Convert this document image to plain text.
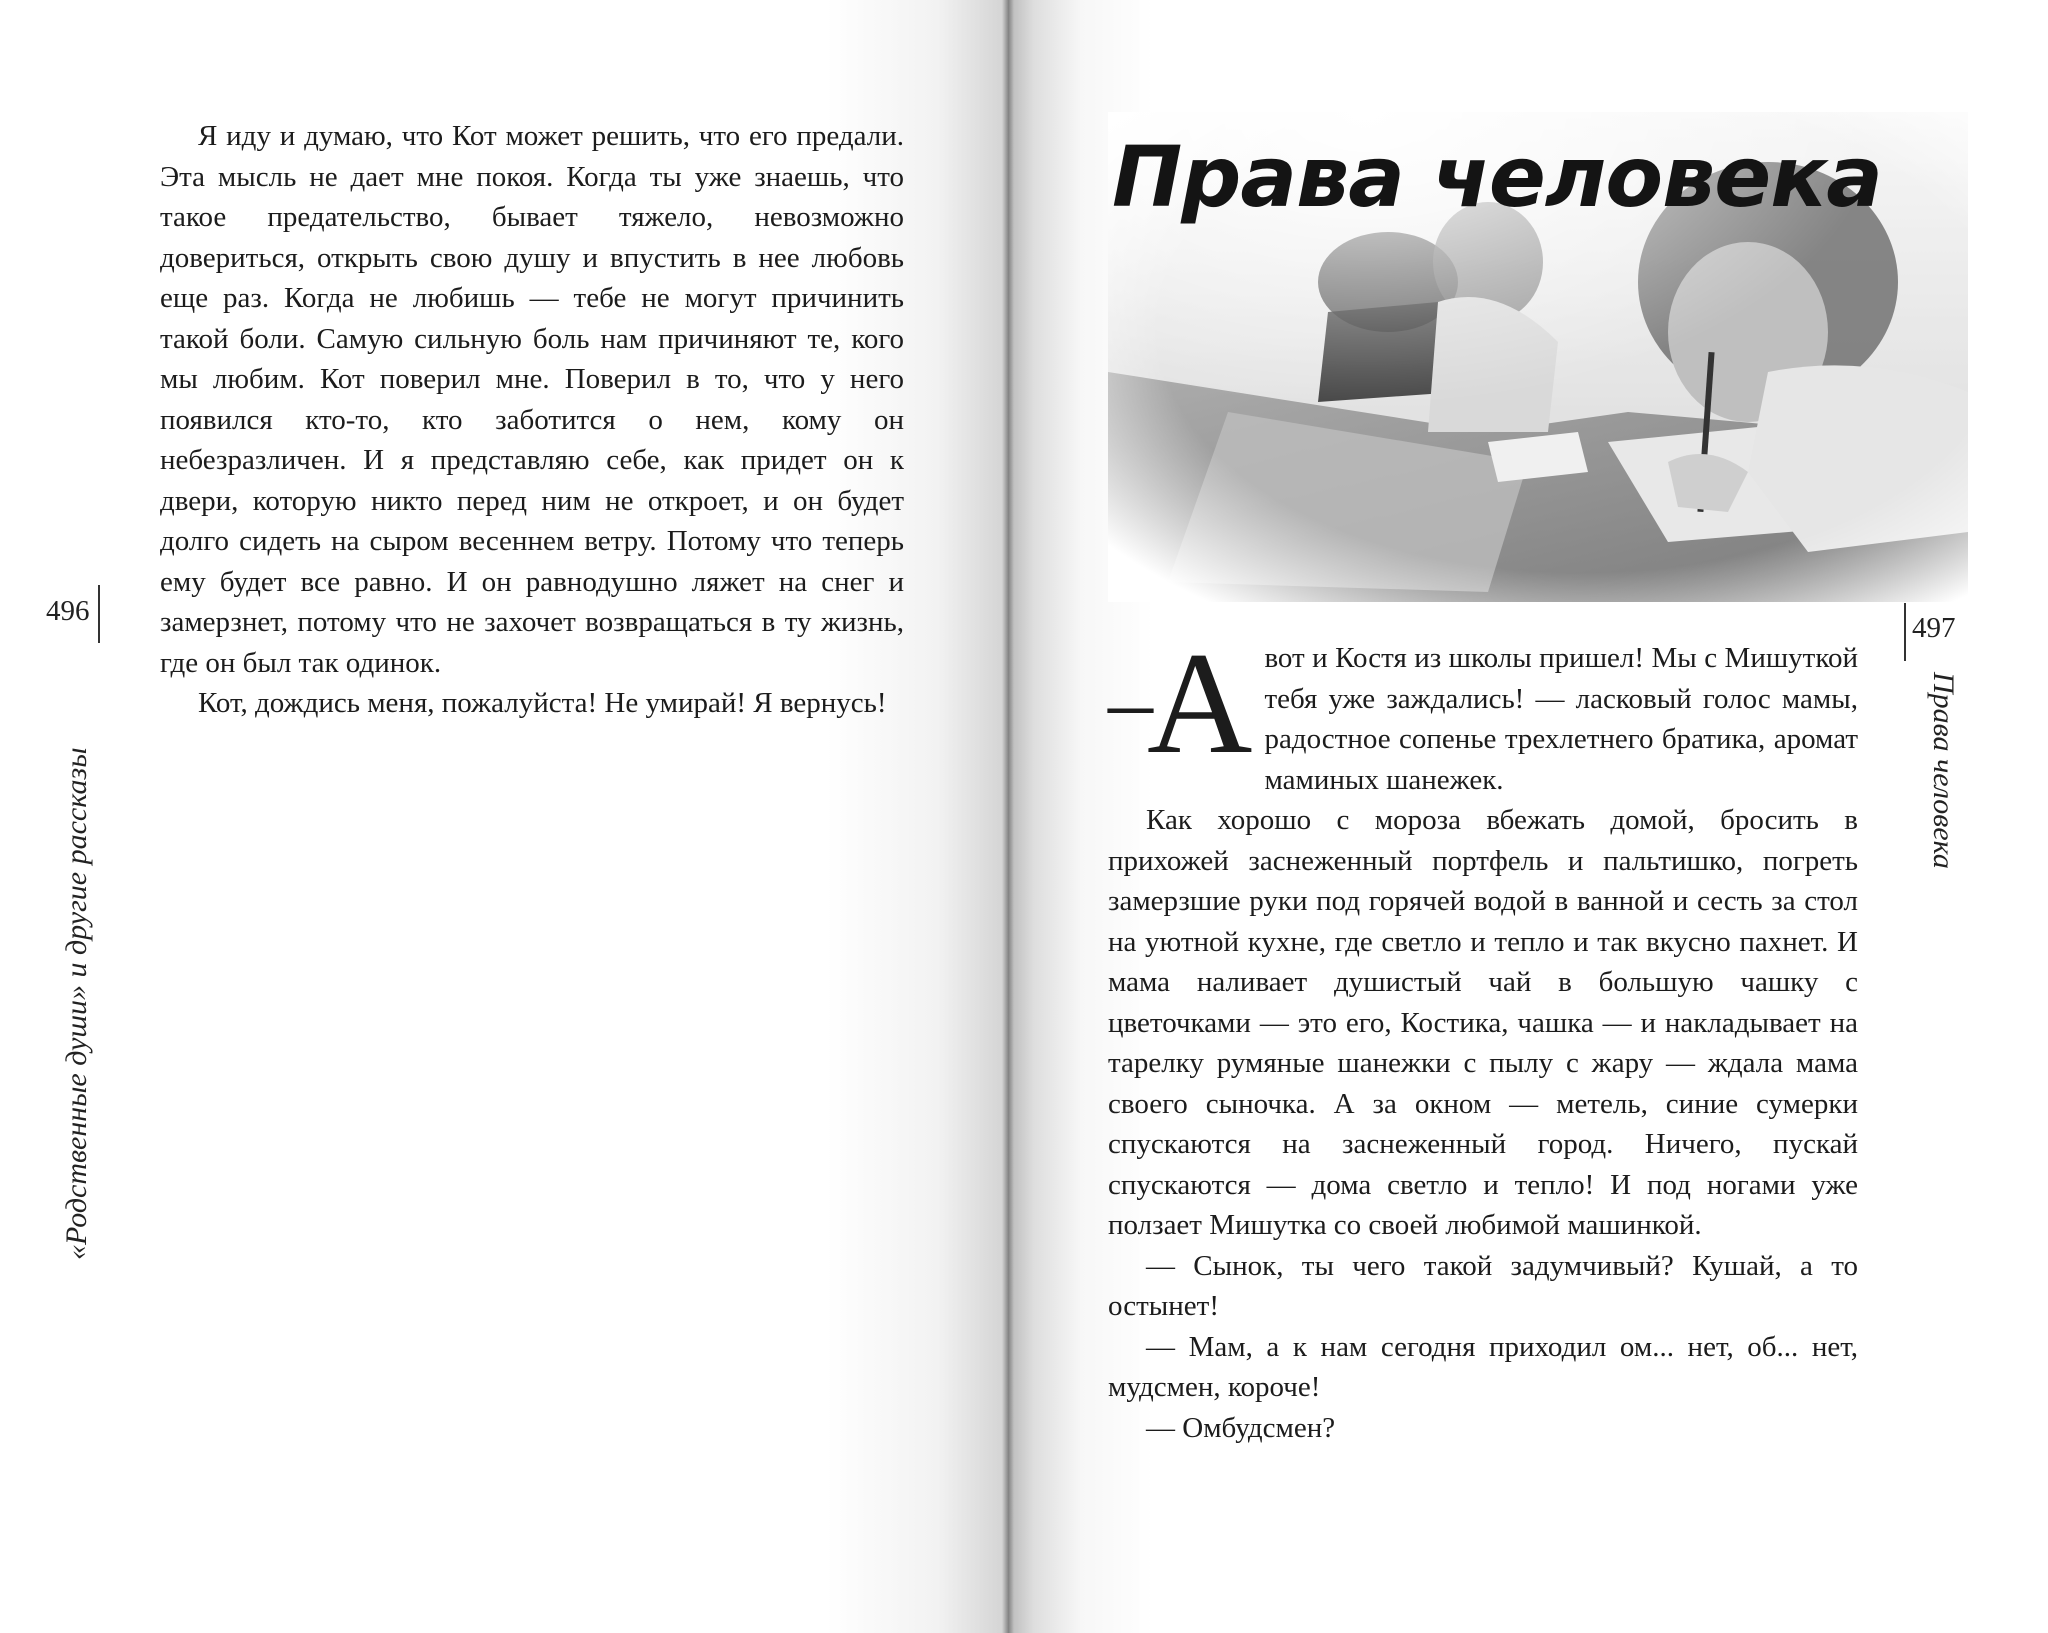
«Родственные души» и другие рассказы
496

Я иду и думаю, что Кот может решить, что его предали. Эта мысль не дает мне покоя. Когда ты уже знаешь, что такое предательство, бывает тяжело, невозможно довериться, открыть свою душу и впустить в нее любовь еще раз. Когда не любишь — тебе не могут причинить такой боли. Самую сильную боль нам причиняют те, кого мы любим. Кот поверил мне. Поверил в то, что у него появился кто-то, кто заботится о нем, кому он небезразличен. И я представляю себе, как придет он к двери, которую никто перед ним не откроет, и он будет долго сидеть на сыром весеннем ветру. Потому что теперь ему будет все равно. И он равнодушно ляжет на снег и замерзнет, потому что не захочет возвращаться в ту жизнь, где он был так одинок.

Кот, дождись меня, пожалуйста! Не умирай! Я вернусь!	Права человека
497
Права человека
–А вот и Костя из школы пришел! Мы с Мишуткой тебя уже заждались! — ласковый голос мамы, радостное сопенье трехлетнего братика, аромат маминых шанежек.

Как хорошо с мороза вбежать домой, бросить в прихожей заснеженный портфель и пальтишко, погреть замерзшие руки под горячей водой в ванной и сесть за стол на уютной кухне, где светло и тепло и так вкусно пахнет. И мама наливает душистый чай в большую чашку с цветочками — это его, Костика, чашка — и накладывает на тарелку румяные шанежки с пылу с жару — ждала мама своего сыночка. А за окном — метель, синие сумерки спускаются на заснеженный город. Ничего, пускай спускаются — дома светло и тепло! И под ногами уже ползает Мишутка со своей любимой машинкой.

— Сынок, ты чего такой задумчивый? Кушай, а то остынет!

— Мам, а к нам сегодня приходил ом... нет, об... нет, мудсмен, короче!

— Омбудсмен?
